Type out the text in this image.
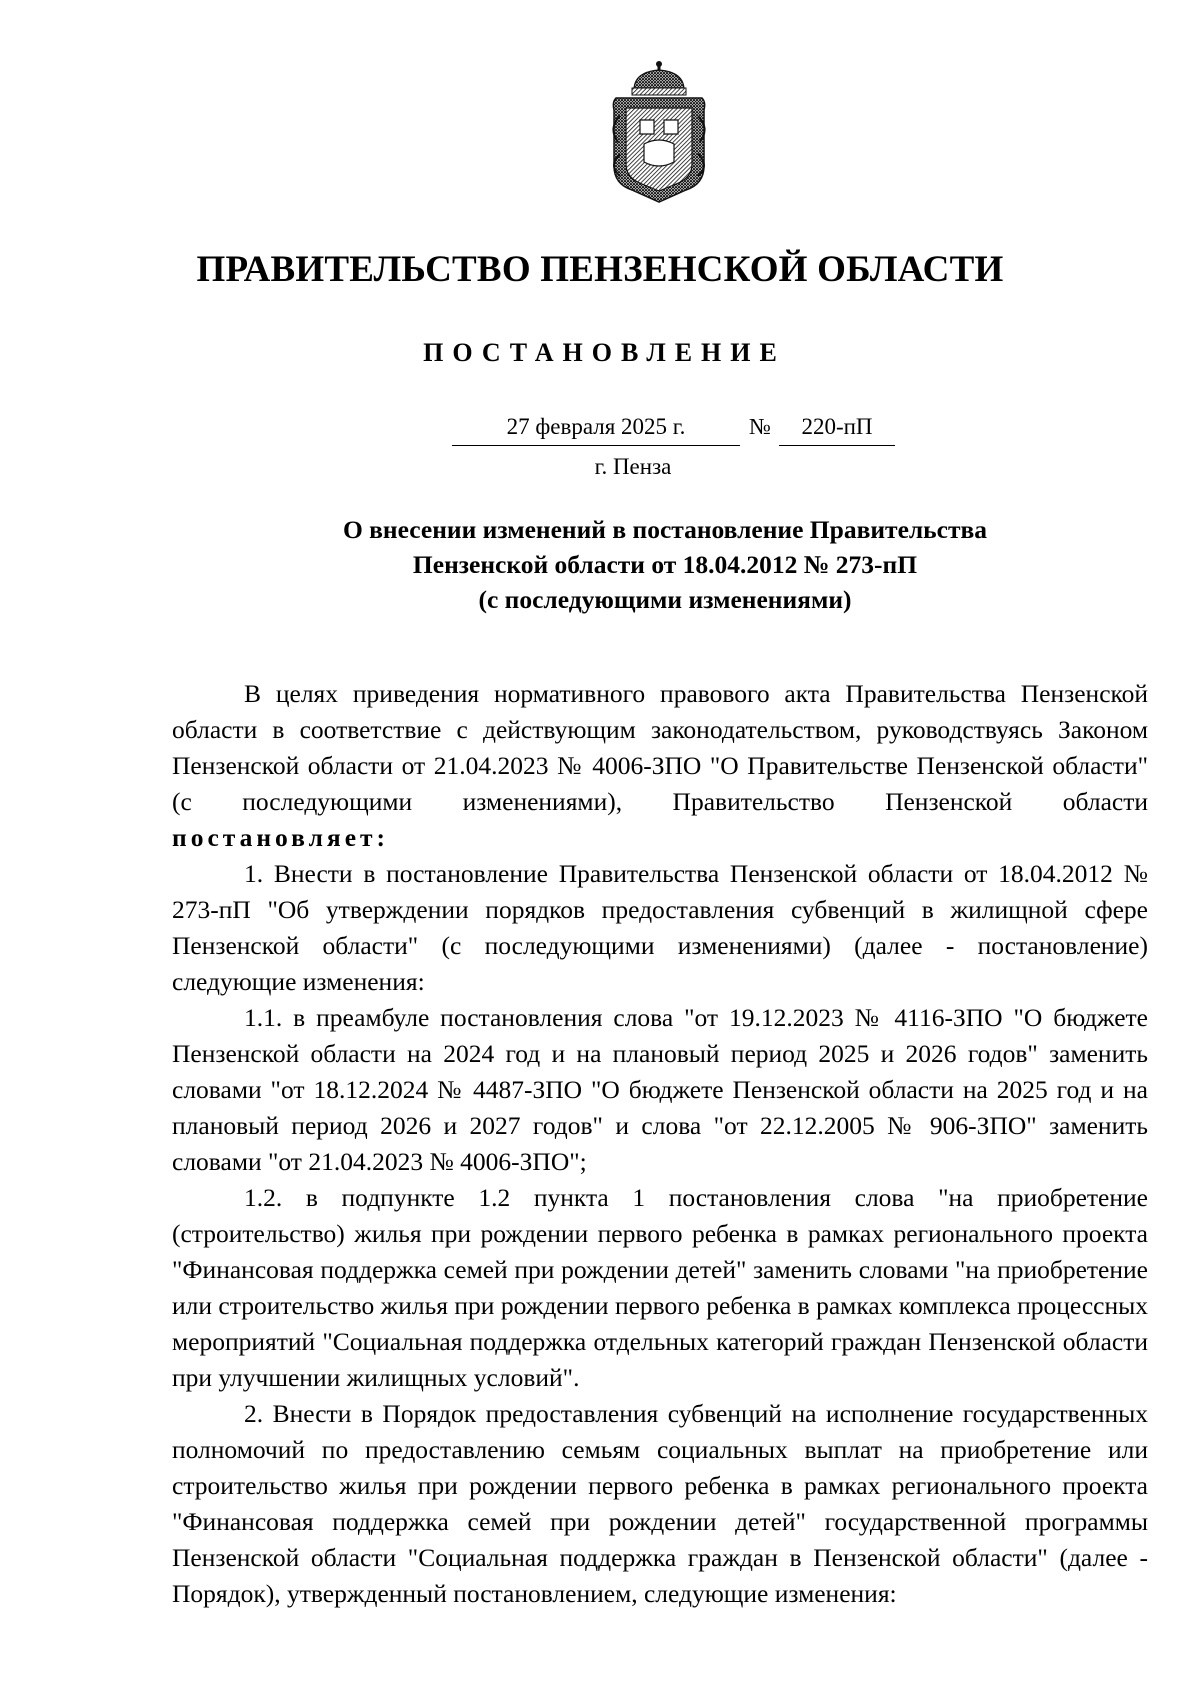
ПРАВИТЕЛЬСТВО ПЕНЗЕНСКОЙ ОБЛАСТИ
ПОСТАНОВЛЕНИЕ
27 февраля 2025 г.	№	220-пП
г. Пенза
О внесении изменений в постановление Правительства
Пензенской области от 18.04.2012 № 273-пП
(с последующими изменениями)

В целях приведения нормативного правового акта Правительства Пензенской области в соответствие с действующим законодательством, руководствуясь Законом Пензенской области от 21.04.2023 № 4006-ЗПО "О Правительстве Пензенской области" (с последующими изменениями), Правительство Пензенской области постановляет:

1. Внести в постановление Правительства Пензенской области от 18.04.2012 № 273-пП "Об утверждении порядков предоставления субвенций в жилищной сфере Пензенской области" (с последующими изменениями) (далее - постановление) следующие изменения:

1.1. в преамбуле постановления слова "от 19.12.2023 № 4116-ЗПО "О бюджете Пензенской области на 2024 год и на плановый период 2025 и 2026 годов" заменить словами "от 18.12.2024 № 4487-ЗПО "О бюджете Пензенской области на 2025 год и на плановый период 2026 и 2027 годов" и слова "от 22.12.2005 № 906-ЗПО" заменить словами "от 21.04.2023 № 4006-ЗПО";

1.2. в подпункте 1.2 пункта 1 постановления слова "на приобретение (строительство) жилья при рождении первого ребенка в рамках регионального проекта "Финансовая поддержка семей при рождении детей" заменить словами "на приобретение или строительство жилья при рождении первого ребенка в рамках комплекса процессных мероприятий "Социальная поддержка отдельных категорий граждан Пензенской области при улучшении жилищных условий".

2. Внести в Порядок предоставления субвенций на исполнение государственных полномочий по предоставлению семьям социальных выплат на приобретение или строительство жилья при рождении первого ребенка в рамках регионального проекта "Финансовая поддержка семей при рождении детей" государственной программы Пензенской области "Социальная поддержка граждан в Пензенской области" (далее - Порядок), утвержденный постановлением, следующие изменения:
